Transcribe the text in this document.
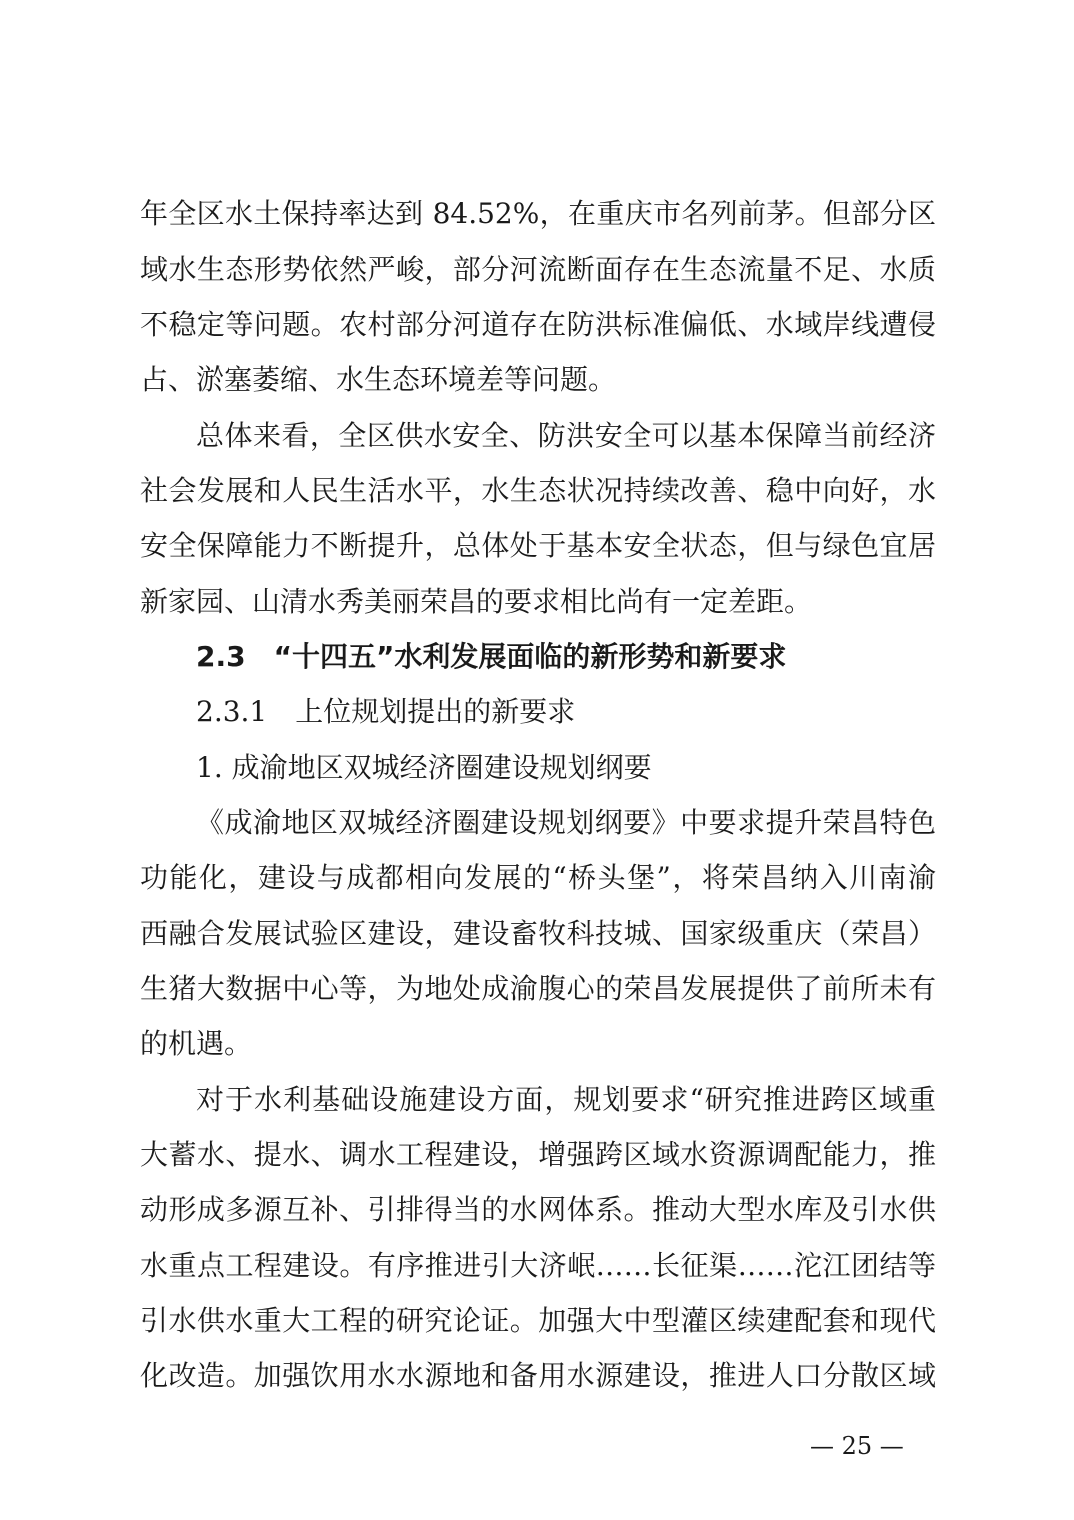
年全区水土保持率达到 84.52%，在重庆市名列前茅。但部分区
域水生态形势依然严峻，部分河流断面存在生态流量不足、水质
不稳定等问题。农村部分河道存在防洪标准偏低、水域岸线遭侵
占、淤塞萎缩、水生态环境差等问题。
总体来看，全区供水安全、防洪安全可以基本保障当前经济
社会发展和人民生活水平，水生态状况持续改善、稳中向好，水
安全保障能力不断提升，总体处于基本安全状态，但与绿色宜居
新家园、山清水秀美丽荣昌的要求相比尚有一定差距。
2.3　“十四五”水利发展面临的新形势和新要求
2.3.1　上位规划提出的新要求
1. 成渝地区双城经济圈建设规划纲要
《成渝地区双城经济圈建设规划纲要》中要求提升荣昌特色
功能化，建设与成都相向发展的“桥头堡”，将荣昌纳入川南渝
西融合发展试验区建设，建设畜牧科技城、国家级重庆（荣昌）
生猪大数据中心等，为地处成渝腹心的荣昌发展提供了前所未有
的机遇。
对于水利基础设施建设方面，规划要求“研究推进跨区域重
大蓄水、提水、调水工程建设，增强跨区域水资源调配能力，推
动形成多源互补、引排得当的水网体系。推动大型水库及引水供
水重点工程建设。有序推进引大济岷……长征渠……沱江团结等
引水供水重大工程的研究论证。加强大中型灌区续建配套和现代
化改造。加强饮用水水源地和备用水源建设，推进人口分散区域
— 25 —
